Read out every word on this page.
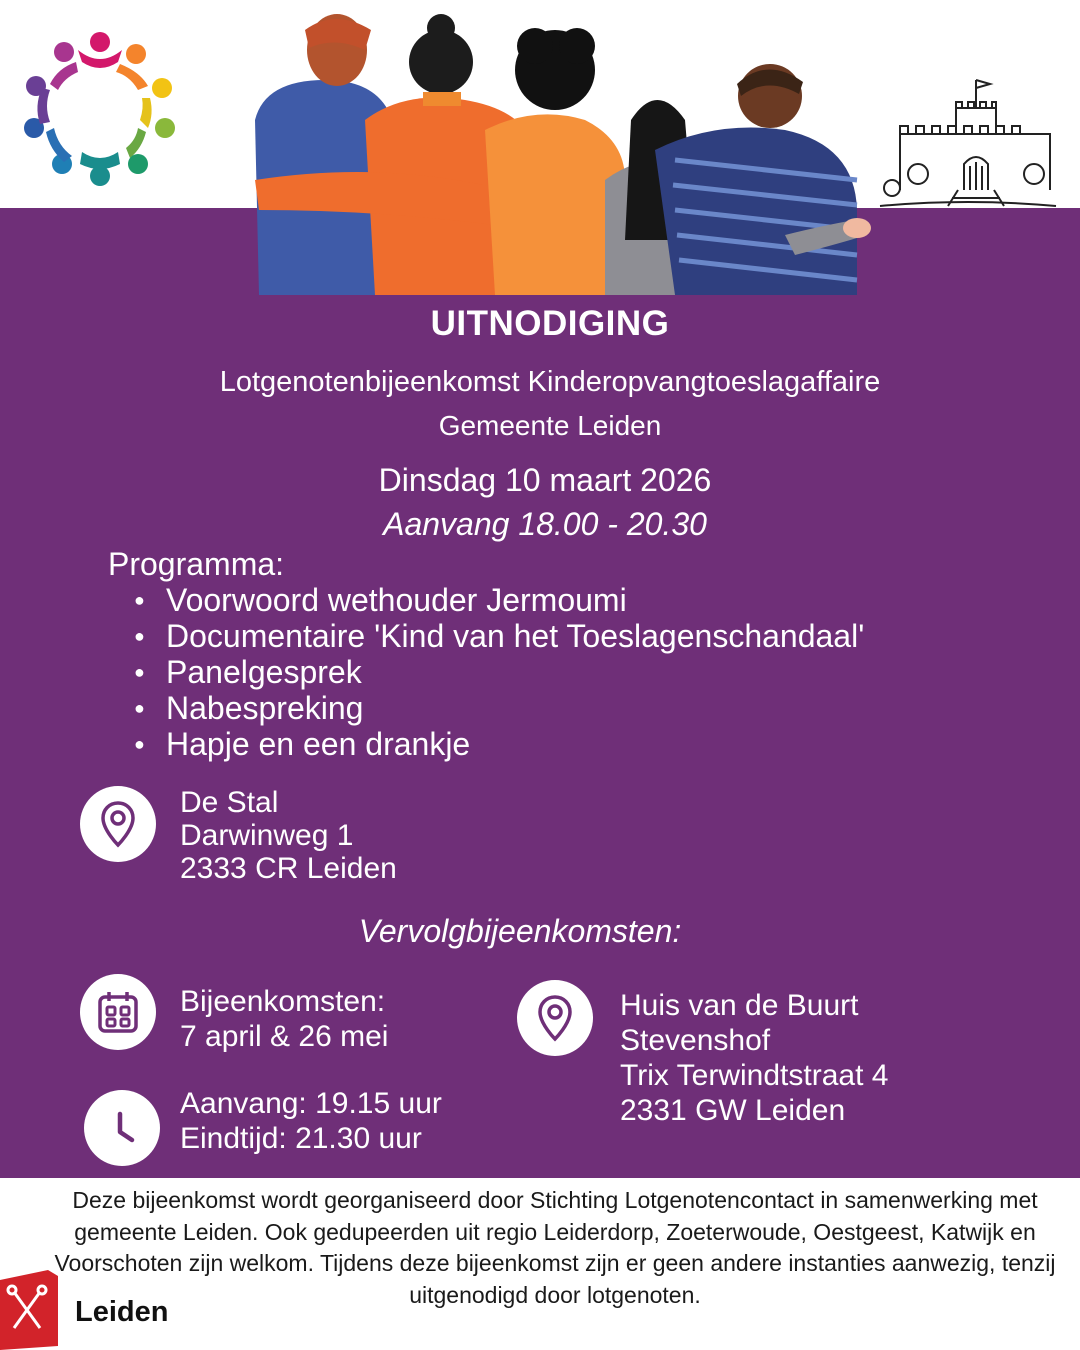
UITNODIGING
Lotgenotenbijeenkomst Kinderopvangtoeslagaffaire
Gemeente Leiden
Dinsdag 10 maart 2026
Aanvang 18.00 - 20.30
Programma:
● Voorwoord wethouder Jermoumi
● Documentaire 'Kind van het Toeslagenschandaal'
● Panelgesprek
● Nabespreking
● Hapje en een drankje
De Stal
Darwinweg 1
2333 CR Leiden
Vervolgbijeenkomsten:
Bijeenkomsten:
7 april & 26 mei
Aanvang: 19.15 uur
Eindtijd: 21.30 uur
Huis van de Buurt
Stevenshof
Trix Terwindtstraat 4
2331 GW Leiden
Deze bijeenkomst wordt georganiseerd door Stichting Lotgenotencontact in samenwerking met gemeente Leiden. Ook gedupeerden uit regio Leiderdorp, Zoeterwoude, Oestgeest, Katwijk en Voorschoten zijn welkom. Tijdens deze bijeenkomst zijn er geen andere instanties aanwezig, tenzij uitgenodigd door lotgenoten.
Leiden
